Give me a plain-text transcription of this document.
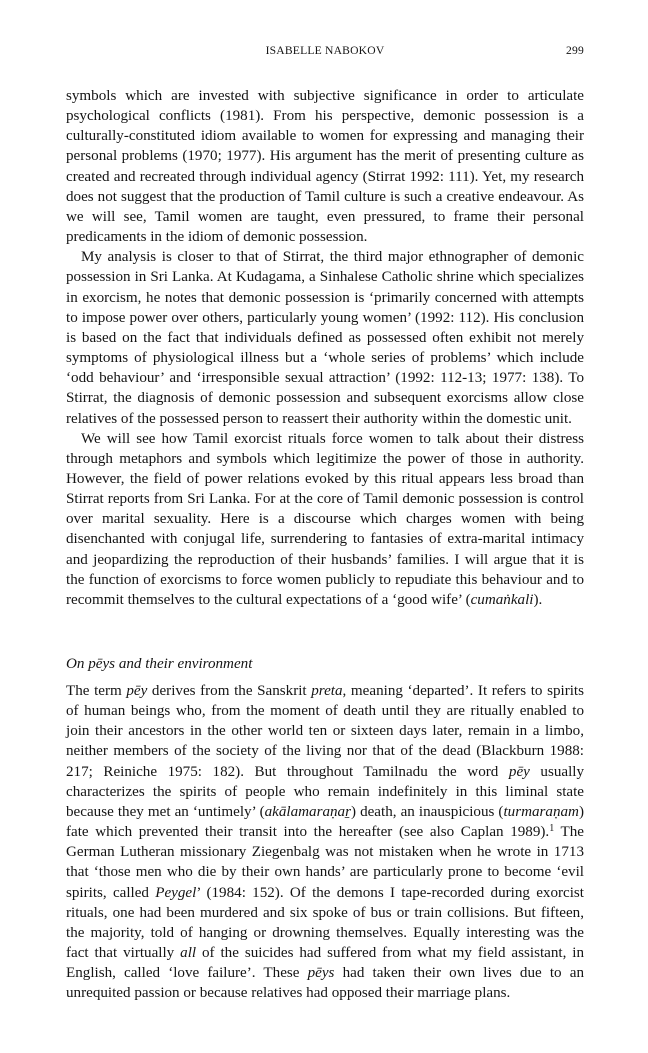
ISABELLE NABOKOV	299

symbols which are invested with subjective significance in order to articulate psychological conflicts (1981). From his perspective, demonic possession is a culturally-constituted idiom available to women for expressing and managing their personal problems (1970; 1977). His argument has the merit of presenting culture as created and recreated through individual agency (Stirrat 1992: 111). Yet, my research does not suggest that the production of Tamil culture is such a creative endeavour. As we will see, Tamil women are taught, even pressured, to frame their personal predicaments in the idiom of demonic possession.

My analysis is closer to that of Stirrat, the third major ethnographer of demonic possession in Sri Lanka. At Kudagama, a Sinhalese Catholic shrine which specializes in exorcism, he notes that demonic possession is ‘primarily concerned with attempts to impose power over others, particularly young women’ (1992: 112). His conclusion is based on the fact that individuals defined as possessed often exhibit not merely symptoms of physiological illness but a ‘whole series of problems’ which include ‘odd behaviour’ and ‘irresponsible sexual attraction’ (1992: 112-13; 1977: 138). To Stirrat, the diagnosis of demonic possession and subsequent exorcisms allow close relatives of the possessed person to reassert their authority within the domestic unit.

We will see how Tamil exorcist rituals force women to talk about their distress through metaphors and symbols which legitimize the power of those in authority. However, the field of power relations evoked by this ritual appears less broad than Stirrat reports from Sri Lanka. For at the core of Tamil demonic possession is control over marital sexuality. Here is a discourse which charges women with being disenchanted with conjugal life, surrendering to fantasies of extra-marital intimacy and jeopardizing the reproduction of their husbands’ families. I will argue that it is the function of exorcisms to force women publicly to repudiate this behaviour and to recommit themselves to the cultural expectations of a ‘good wife’ (cumaṅkali).

On pēys and their environment

The term pēy derives from the Sanskrit preta, meaning ‘departed’. It refers to spirits of human beings who, from the moment of death until they are ritually enabled to join their ancestors in the other world ten or sixteen days later, remain in a limbo, neither members of the society of the living nor that of the dead (Blackburn 1988: 217; Reiniche 1975: 182). But throughout Tamilnadu the word pēy usually characterizes the spirits of people who remain indefinitely in this liminal state because they met an ‘untimely’ (akālamaraṇaṟ) death, an inauspicious (turmaraṇam) fate which prevented their transit into the hereafter (see also Caplan 1989).$^1$ The German Lutheran missionary Ziegenbalg was not mistaken when he wrote in 1713 that ‘those men who die by their own hands’ are particularly prone to become ‘evil spirits, called Peygel’ (1984: 152). Of the demons I tape-recorded during exorcist rituals, one had been murdered and six spoke of bus or train collisions. But fifteen, the majority, told of hanging or drowning themselves. Equally interesting was the fact that virtually all of the suicides had suffered from what my field assistant, in English, called ‘love failure’. These pēys had taken their own lives due to an unrequited passion or because relatives had opposed their marriage plans.
